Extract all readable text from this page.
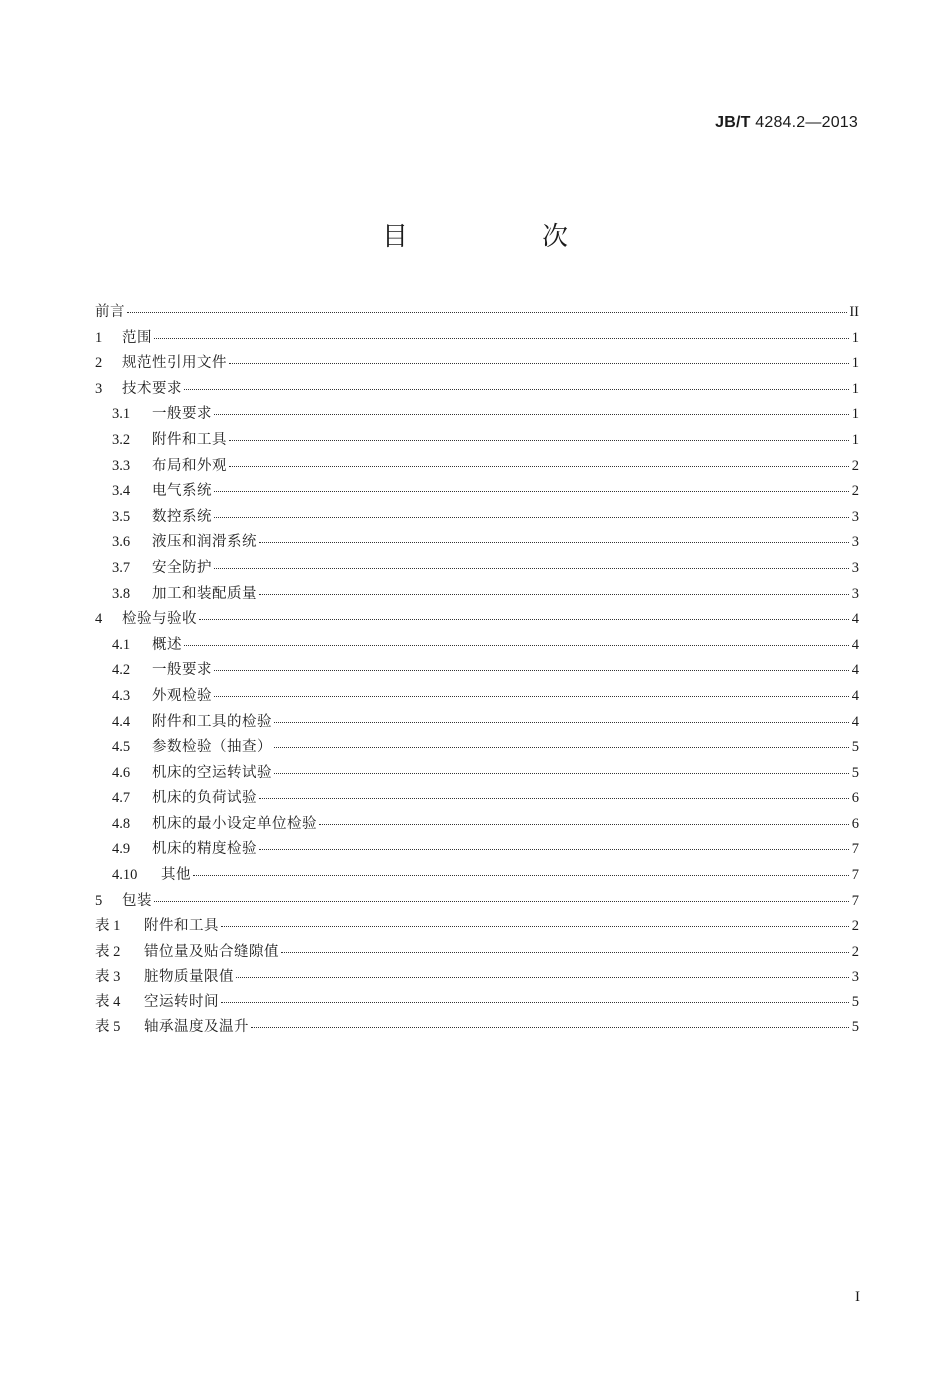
JB/T 4284.2—2013
目　次
前言	II
1	范围	1
2	规范性引用文件	1
3	技术要求	1
3.1	一般要求	1
3.2	附件和工具	1
3.3	布局和外观	2
3.4	电气系统	2
3.5	数控系统	3
3.6	液压和润滑系统	3
3.7	安全防护	3
3.8	加工和装配质量	3
4	检验与验收	4
4.1	概述	4
4.2	一般要求	4
4.3	外观检验	4
4.4	附件和工具的检验	4
4.5	参数检验（抽查）	5
4.6	机床的空运转试验	5
4.7	机床的负荷试验	6
4.8	机床的最小设定单位检验	6
4.9	机床的精度检验	7
4.10	其他	7
5	包装	7
表 1	附件和工具	2
表 2	错位量及贴合缝隙值	2
表 3	脏物质量限值	3
表 4	空运转时间	5
表 5	轴承温度及温升	5
I
